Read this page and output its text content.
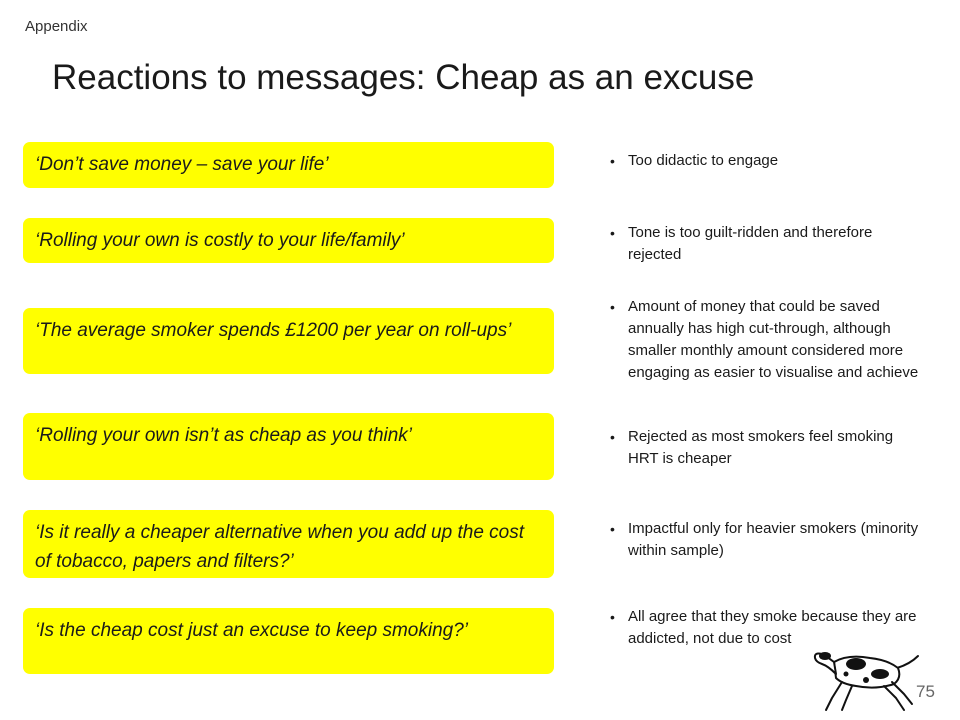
Appendix
Reactions to messages: Cheap as an excuse
‘Don’t save money – save your life’
‘Rolling your own is costly to your life/family’
‘The average smoker spends £1200 per year on roll-ups’
‘Rolling your own isn’t as cheap as you think’
‘Is it really a cheaper alternative when you add up the cost of tobacco, papers and filters?’
‘Is the cheap cost just an excuse to keep smoking?’
• Too didactic to engage
• Tone is too guilt-ridden and therefore rejected
• Amount of money that could be saved annually has high cut-through, although smaller monthly amount considered more engaging as easier to visualise and achieve
• Rejected as most smokers feel smoking HRT is cheaper
• Impactful only for heavier smokers (minority within sample)
• All agree that they smoke because they are addicted, not due to cost
75
